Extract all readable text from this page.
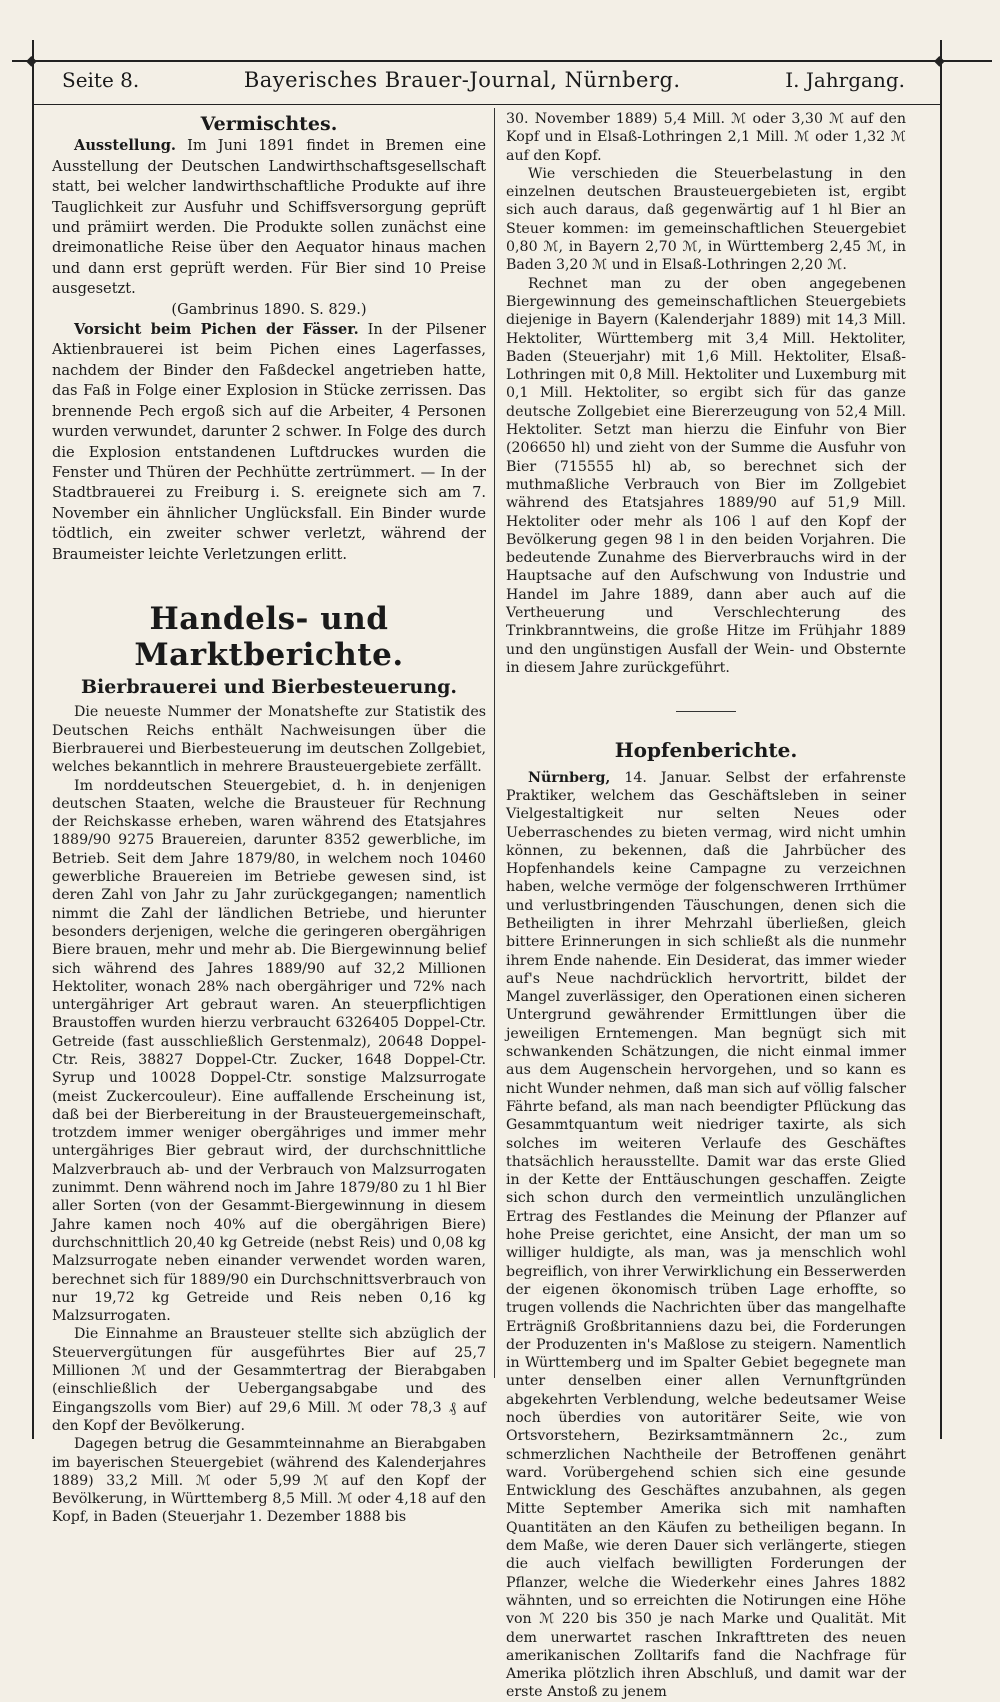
◆	◆
Seite 8.	Bayerisches Brauer-Journal, Nürnberg.	I. Jahrgang.
Vermischtes.

Ausstellung. Im Juni 1891 findet in Bremen eine Ausstellung der Deutschen Landwirthschaftsgesellschaft statt, bei welcher landwirthschaftliche Produkte auf ihre Tauglichkeit zur Ausfuhr und Schiffsversorgung geprüft und prämiirt werden. Die Produkte sollen zunächst eine dreimonatliche Reise über den Aequator hinaus machen und dann erst geprüft werden. Für Bier sind 10 Preise ausgesetzt.

(Gambrinus 1890. S. 829.)

Vorsicht beim Pichen der Fässer. In der Pilsener Aktienbrauerei ist beim Pichen eines Lagerfasses, nachdem der Binder den Faßdeckel angetrieben hatte, das Faß in Folge einer Explosion in Stücke zerrissen. Das brennende Pech ergoß sich auf die Arbeiter, 4 Personen wurden verwundet, darunter 2 schwer. In Folge des durch die Explosion entstandenen Luftdruckes wurden die Fenster und Thüren der Pechhütte zertrümmert. — In der Stadtbrauerei zu Freiburg i. S. ereignete sich am 7. November ein ähnlicher Unglücksfall. Ein Binder wurde tödtlich, ein zweiter schwer verletzt, während der Braumeister leichte Verletzungen erlitt.

Handels- und Marktberichte.
Bierbrauerei und Bierbesteuerung.

Die neueste Nummer der Monatshefte zur Statistik des Deutschen Reichs enthält Nachweisungen über die Bierbrauerei und Bierbesteuerung im deutschen Zollgebiet, welches bekanntlich in mehrere Brausteuergebiete zerfällt.

Im norddeutschen Steuergebiet, d. h. in denjenigen deutschen Staaten, welche die Brausteuer für Rechnung der Reichskasse erheben, waren während des Etatsjahres 1889/90 9275 Brauereien, darunter 8352 gewerbliche, im Betrieb. Seit dem Jahre 1879/80, in welchem noch 10460 gewerbliche Brauereien im Betriebe gewesen sind, ist deren Zahl von Jahr zu Jahr zurückgegangen; namentlich nimmt die Zahl der ländlichen Betriebe, und hierunter besonders derjenigen, welche die geringeren obergährigen Biere brauen, mehr und mehr ab. Die Biergewinnung belief sich während des Jahres 1889/90 auf 32,2 Millionen Hektoliter, wonach 28% nach obergähriger und 72% nach untergähriger Art gebraut waren. An steuerpflichtigen Braustoffen wurden hierzu verbraucht 6326405 Doppel-Ctr. Getreide (fast ausschließlich Gerstenmalz), 20648 Doppel-Ctr. Reis, 38827 Doppel-Ctr. Zucker, 1648 Doppel-Ctr. Syrup und 10028 Doppel-Ctr. sonstige Malzsurrogate (meist Zuckercouleur). Eine auffallende Erscheinung ist, daß bei der Bierbereitung in der Brausteuergemeinschaft, trotzdem immer weniger obergähriges und immer mehr untergähriges Bier gebraut wird, der durchschnittliche Malzverbrauch ab- und der Verbrauch von Malzsurrogaten zunimmt. Denn während noch im Jahre 1879/80 zu 1 hl Bier aller Sorten (von der Gesammt-Biergewinnung in diesem Jahre kamen noch 40% auf die obergährigen Biere) durchschnittlich 20,40 kg Getreide (nebst Reis) und 0,08 kg Malzsurrogate neben einander verwendet worden waren, berechnet sich für 1889/90 ein Durchschnittsverbrauch von nur 19,72 kg Getreide und Reis neben 0,16 kg Malzsurrogaten.

Die Einnahme an Brausteuer stellte sich abzüglich der Steuervergütungen für ausgeführtes Bier auf 25,7 Millionen ℳ und der Gesammtertrag der Bierabgaben (einschließlich der Uebergangsabgabe und des Eingangszolls vom Bier) auf 29,6 Mill. ℳ oder 78,3 ₰ auf den Kopf der Bevölkerung.

Dagegen betrug die Gesammteinnahme an Bierabgaben im bayerischen Steuergebiet (während des Kalenderjahres 1889) 33,2 Mill. ℳ oder 5,99 ℳ auf den Kopf der Bevölkerung, in Württemberg 8,5 Mill. ℳ oder 4,18 auf den Kopf, in Baden (Steuerjahr 1. Dezember 1888 bis

30. November 1889) 5,4 Mill. ℳ oder 3,30 ℳ auf den Kopf und in Elsaß-Lothringen 2,1 Mill. ℳ oder 1,32 ℳ auf den Kopf.

Wie verschieden die Steuerbelastung in den einzelnen deutschen Brausteuergebieten ist, ergibt sich auch daraus, daß gegenwärtig auf 1 hl Bier an Steuer kommen: im gemeinschaftlichen Steuergebiet 0,80 ℳ, in Bayern 2,70 ℳ, in Württemberg 2,45 ℳ, in Baden 3,20 ℳ und in Elsaß-Lothringen 2,20 ℳ.

Rechnet man zu der oben angegebenen Biergewinnung des gemeinschaftlichen Steuergebiets diejenige in Bayern (Kalenderjahr 1889) mit 14,3 Mill. Hektoliter, Württemberg mit 3,4 Mill. Hektoliter, Baden (Steuerjahr) mit 1,6 Mill. Hektoliter, Elsaß-Lothringen mit 0,8 Mill. Hektoliter und Luxemburg mit 0,1 Mill. Hektoliter, so ergibt sich für das ganze deutsche Zollgebiet eine Biererzeugung von 52,4 Mill. Hektoliter. Setzt man hierzu die Einfuhr von Bier (206650 hl) und zieht von der Summe die Ausfuhr von Bier (715555 hl) ab, so berechnet sich der muthmaßliche Verbrauch von Bier im Zollgebiet während des Etatsjahres 1889/90 auf 51,9 Mill. Hektoliter oder mehr als 106 l auf den Kopf der Bevölkerung gegen 98 l in den beiden Vorjahren. Die bedeutende Zunahme des Bierverbrauchs wird in der Hauptsache auf den Aufschwung von Industrie und Handel im Jahre 1889, dann aber auch auf die Vertheuerung und Verschlechterung des Trinkbranntweins, die große Hitze im Frühjahr 1889 und den ungünstigen Ausfall der Wein- und Obsternte in diesem Jahre zurückgeführt.

Hopfenberichte.

Nürnberg, 14. Januar. Selbst der erfahrenste Praktiker, welchem das Geschäftsleben in seiner Vielgestaltigkeit nur selten Neues oder Ueberraschendes zu bieten vermag, wird nicht umhin können, zu bekennen, daß die Jahrbücher des Hopfenhandels keine Campagne zu verzeichnen haben, welche vermöge der folgenschweren Irrthümer und verlustbringenden Täuschungen, denen sich die Betheiligten in ihrer Mehrzahl überließen, gleich bittere Erinnerungen in sich schließt als die nunmehr ihrem Ende nahende. Ein Desiderat, das immer wieder auf's Neue nachdrücklich hervortritt, bildet der Mangel zuverlässiger, den Operationen einen sicheren Untergrund gewährender Ermittlungen über die jeweiligen Erntemengen. Man begnügt sich mit schwankenden Schätzungen, die nicht einmal immer aus dem Augenschein hervorgehen, und so kann es nicht Wunder nehmen, daß man sich auf völlig falscher Fährte befand, als man nach beendigter Pflückung das Gesammtquantum weit niedriger taxirte, als sich solches im weiteren Verlaufe des Geschäftes thatsächlich herausstellte. Damit war das erste Glied in der Kette der Enttäuschungen geschaffen. Zeigte sich schon durch den vermeintlich unzulänglichen Ertrag des Festlandes die Meinung der Pflanzer auf hohe Preise gerichtet, eine Ansicht, der man um so williger huldigte, als man, was ja menschlich wohl begreiflich, von ihrer Verwirklichung ein Besserwerden der eigenen ökonomisch trüben Lage erhoffte, so trugen vollends die Nachrichten über das mangelhafte Erträgniß Großbritanniens dazu bei, die Forderungen der Produzenten in's Maßlose zu steigern. Namentlich in Württemberg und im Spalter Gebiet begegnete man unter denselben einer allen Vernunftgründen abgekehrten Verblendung, welche bedeutsamer Weise noch überdies von autoritärer Seite, wie von Ortsvorstehern, Bezirksamtmännern 2c., zum schmerzlichen Nachtheile der Betroffenen genährt ward. Vorübergehend schien sich eine gesunde Entwicklung des Geschäftes anzubahnen, als gegen Mitte September Amerika sich mit namhaften Quantitäten an den Käufen zu betheiligen begann. In dem Maße, wie deren Dauer sich verlängerte, stiegen die auch vielfach bewilligten Forderungen der Pflanzer, welche die Wiederkehr eines Jahres 1882 wähnten, und so erreichten die Notirungen eine Höhe von ℳ 220 bis 350 je nach Marke und Qualität. Mit dem unerwartet raschen Inkrafttreten des neuen amerikanischen Zolltarifs fand die Nachfrage für Amerika plötzlich ihren Abschluß, und damit war der erste Anstoß zu jenem
